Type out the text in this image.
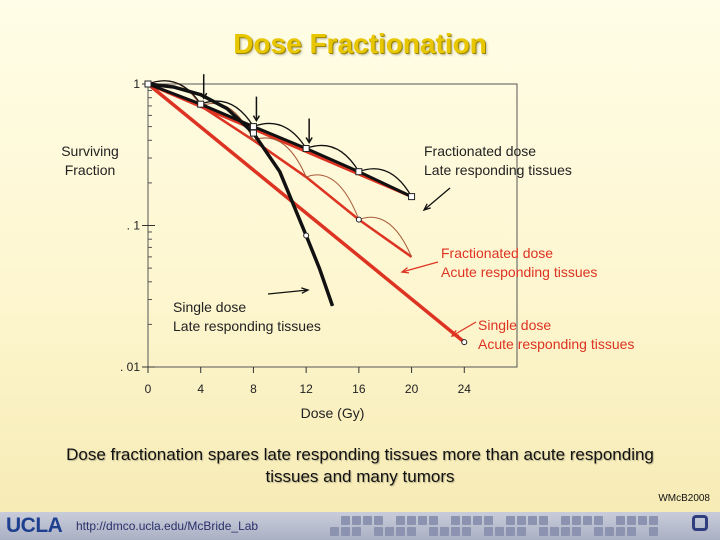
Dose Fractionation
1
. 1
. 01
0	4	8	12	16	20	24
Dose (Gy)
Surviving
Fraction
Fractionated dose
Late responding tissues
Fractionated dose
Acute responding tissues
Single dose
Late responding tissues	Single dose
Acute responding tissues
Dose fractionation spares late responding tissues more than acute responding tissues and many tumors
WMcB2008
UCLA http://dmco.ucla.edu/McBride_Lab
